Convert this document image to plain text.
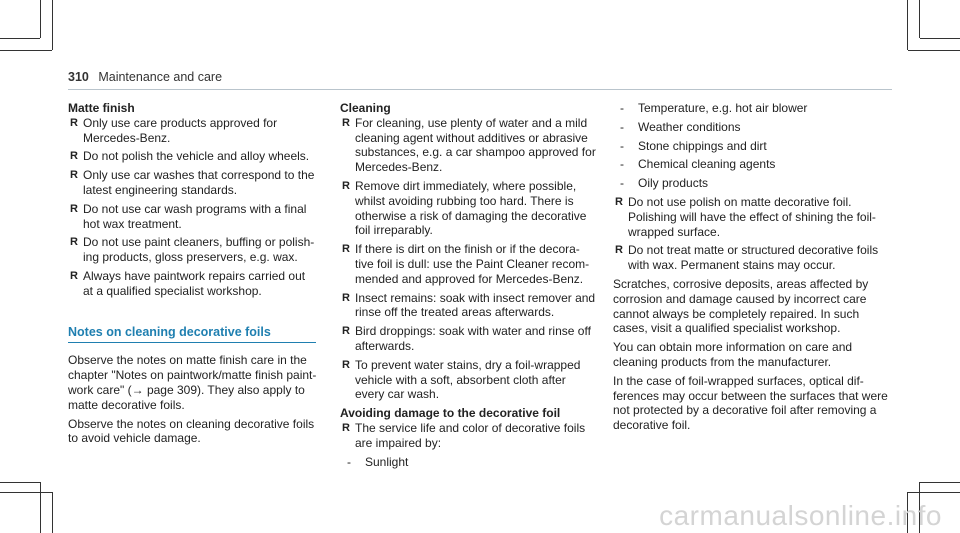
310 Maintenance and care
Matte finish
R Only use care products approved for Mercedes-Benz.
R Do not polish the vehicle and alloy wheels.
R Only use car washes that correspond to the latest engineering standards.
R Do not use car wash programs with a final hot wax treatment.
R Do not use paint cleaners, buffing or polish-ing products, gloss preservers, e.g. wax.
R Always have paintwork repairs carried out at a qualified specialist workshop.
Notes on cleaning decorative foils

Observe the notes on matte finish care in the chapter "Notes on paintwork/matte finish paint-work care" (→ page 309). They also apply to matte decorative foils.

Observe the notes on cleaning decorative foils to avoid vehicle damage.

Cleaning
R For cleaning, use plenty of water and a mild cleaning agent without additives or abrasive substances, e.g. a car shampoo approved for Mercedes-Benz.
R Remove dirt immediately, where possible, whilst avoiding rubbing too hard. There is otherwise a risk of damaging the decorative foil irreparably.
R If there is dirt on the finish or if the decora-tive foil is dull: use the Paint Cleaner recom-mended and approved for Mercedes-Benz.
R Insect remains: soak with insect remover and rinse off the treated areas afterwards.
R Bird droppings: soak with water and rinse off afterwards.
R To prevent water stains, dry a foil-wrapped vehicle with a soft, absorbent cloth after every car wash.
Avoiding damage to the decorative foil
R The service life and color of decorative foils are impaired by:
- Sunlight
- Temperature, e.g. hot air blower
- Weather conditions
- Stone chippings and dirt
- Chemical cleaning agents
- Oily products
R Do not use polish on matte decorative foil. Polishing will have the effect of shining the foil-wrapped surface.
R Do not treat matte or structured decorative foils with wax. Permanent stains may occur.

Scratches, corrosive deposits, areas affected by corrosion and damage caused by incorrect care cannot always be completely repaired. In such cases, visit a qualified specialist workshop.

You can obtain more information on care and cleaning products from the manufacturer.

In the case of foil-wrapped surfaces, optical dif-ferences may occur between the surfaces that were not protected by a decorative foil after removing a decorative foil.

carmanualsonline.info
